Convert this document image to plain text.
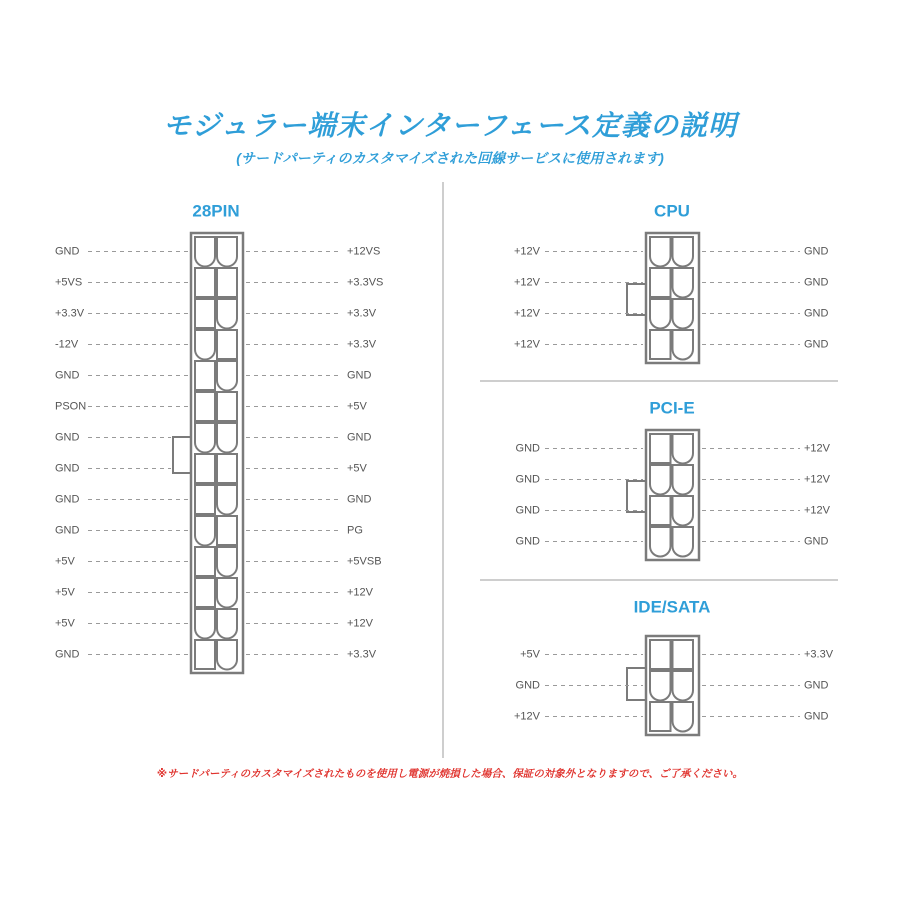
モジュラー端末インターフェース定義の説明
(サードパーティのカスタマイズされた回線サービスに使用されます)
28PIN
GND	+12VS
+5VS	+3.3VS
+3.3V	+3.3V
-12V	+3.3V
GND	GND
PSON	+5V
GND	GND
GND	+5V
GND	GND
GND	PG
+5V	+5VSB
+5V	+12V
+5V	+12V
GND	+3.3V
CPU
+12V	GND
+12V	GND
+12V	GND
+12V	GND
PCI-E
GND	+12V
GND	+12V
GND	+12V
GND	GND
IDE/SATA
+5V	+3.3V
GND	GND
+12V	GND
※サードパーティのカスタマイズされたものを使用し電源が焼損した場合、保証の対象外となりますので、ご了承ください。
